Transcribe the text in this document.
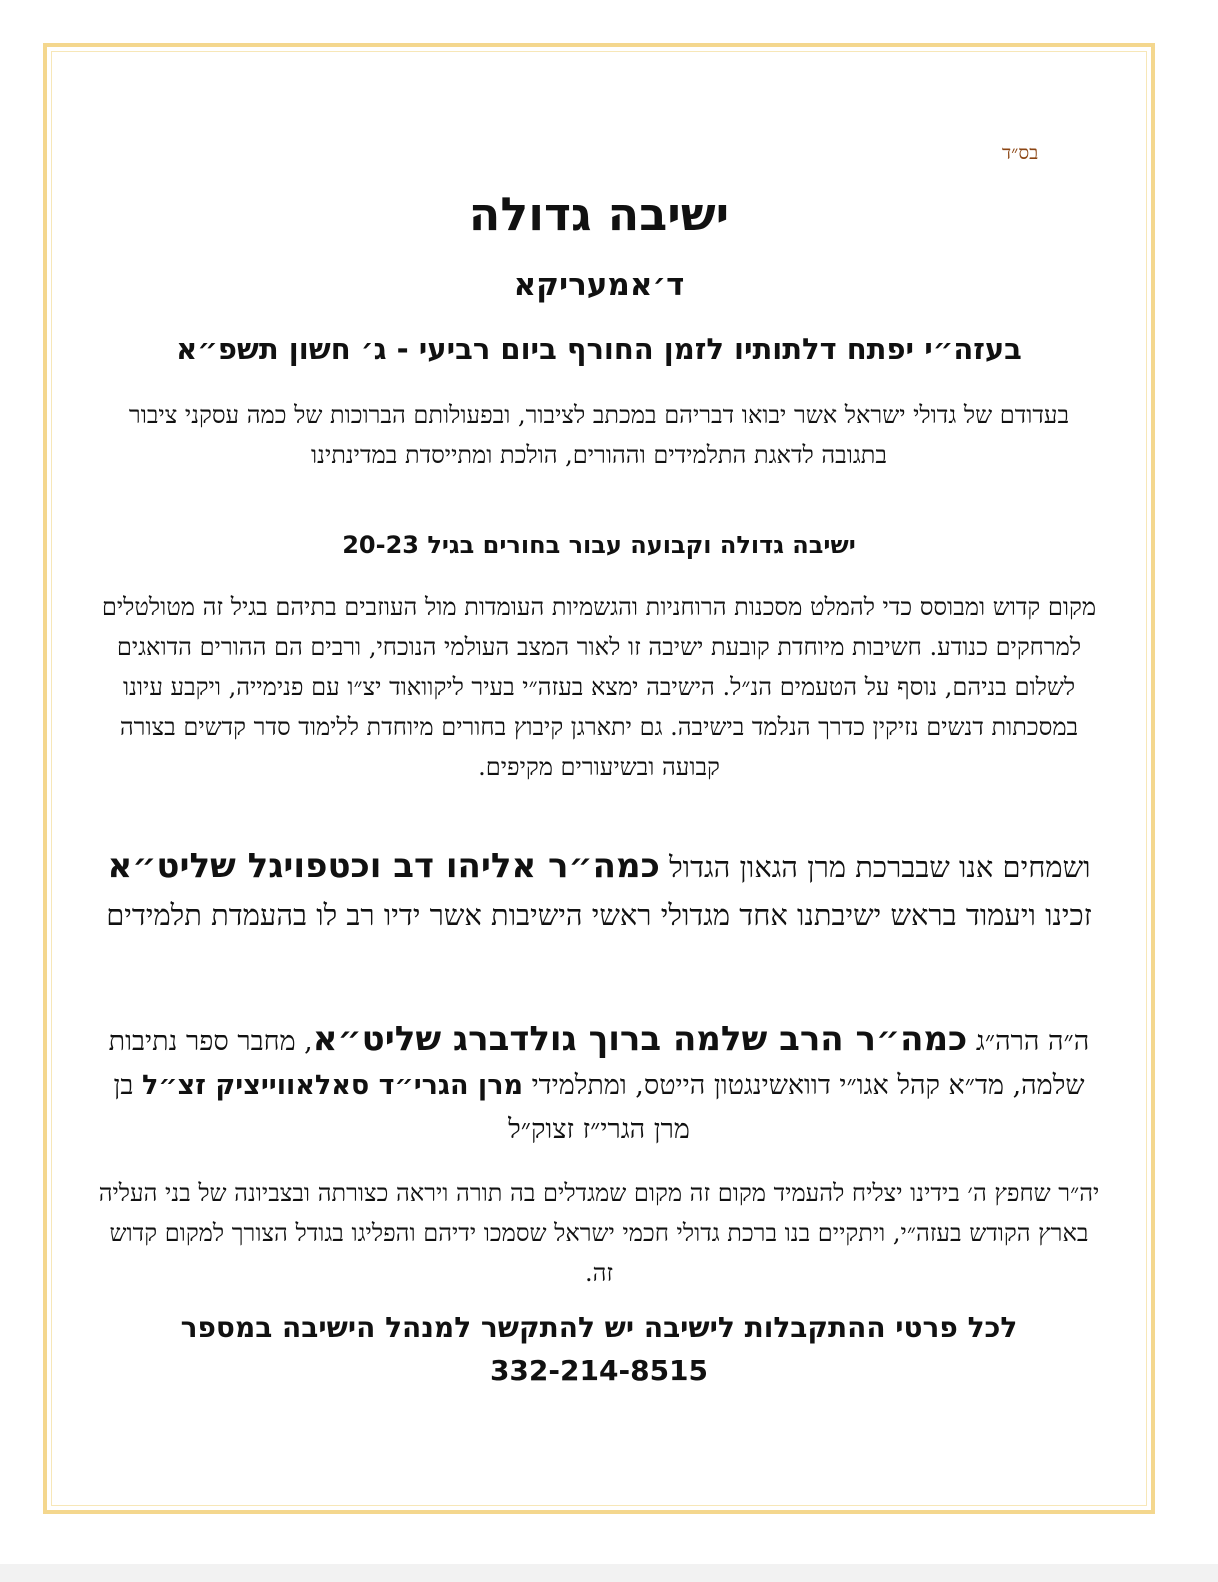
בס״ד
ישיבה גדולה
ד׳אמעריקא
בעזה״י יפתח דלתותיו לזמן החורף ביום רביעי - ג׳ חשון תשפ״א
בעדודם של גדולי ישראל אשר יבואו דבריהם במכתב לציבור, ובפעולותם הברוכות של כמה עסקני ציבור בתגובה לדאגת התלמידים וההורים, הולכת ומתייסדת במדינתינו
ישיבה גדולה וקבועה עבור בחורים בגיל 20-23
מקום קדוש ומבוסס כדי להמלט מסכנות הרוחניות והגשמיות העומדות מול העוזבים בתיהם בגיל זה מטולטלים למרחקים כנודע. חשיבות מיוחדת קובעת ישיבה זו לאור המצב העולמי הנוכחי, ורבים הם ההורים הדואגים לשלום בניהם, נוסף על הטעמים הנ״ל. הישיבה ימצא בעזה״י בעיר ליקוואוד יצ״ו עם פנימייה, ויקבע עיונו במסכתות דנשים נזיקין כדרך הנלמד בישיבה. גם יתארגן קיבוץ בחורים מיוחדת ללימוד סדר קדשים בצורה קבועה ובשיעורים מקיפים.
ושמחים אנו שבברכת מרן הגאון הגדול כמה״ר אליהו דב וכטפויגל שליט״א זכינו ויעמוד בראש ישיבתנו אחד מגדולי ראשי הישיבות אשר ידיו רב לו בהעמדת תלמידים
ה״ה הרה״ג כמה״ר הרב שלמה ברוך גולדברג שליט״א, מחבר ספר נתיבות שלמה, מד״א קהל אגו״י דוואשינגטון הייטס, ומתלמידי מרן הגרי״ד סאלאווייציק זצ״ל בן מרן הגרי״ז זצוק״ל
יה״ר שחפץ ה׳ בידינו יצליח להעמיד מקום זה מקום שמגדלים בה תורה ויראה כצורתה ובצביונה של בני העליה בארץ הקודש בעזה״י, ויתקיים בנו ברכת גדולי חכמי ישראל שסמכו ידיהם והפליגו בגודל הצורך למקום קדוש זה.
לכל פרטי ההתקבלות לישיבה יש להתקשר למנהל הישיבה במספר
332-214-8515
